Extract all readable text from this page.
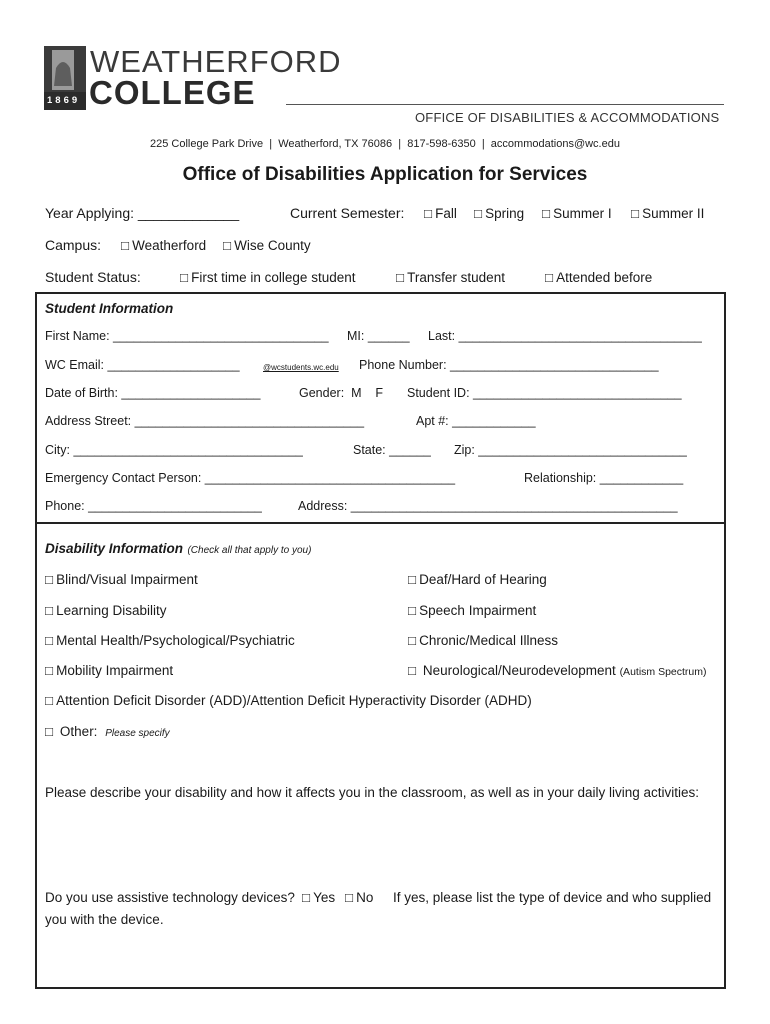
1869
WEATHERFORD
COLLEGE
OFFICE OF DISABILITIES & ACCOMMODATIONS
225 College Park Drive  |  Weatherford, TX 76086  |  817-598-6350  |  accommodations@wc.edu
Office of Disabilities Application for Services
Year Applying: _____________	Current Semester:	□ Fall	□ Spring	□ Summer I	□ Summer II
Campus:	□ Weatherford	□ Wise County
Student Status:	□ First time in college student	□ Transfer student	□ Attended before
Student Information
First Name: _______________________________ MI: ______ Last: ___________________________________
WC Email: ___________________	@wcstudents.wc.edu Phone Number: ______________________________
Date of Birth: ____________________	Gender:  M    F Student ID: ______________________________
Address Street: _________________________________	Apt #: ____________
City: _________________________________	State: ______ Zip: ______________________________
Emergency Contact Person: ____________________________________	Relationship: ____________
Phone: _________________________	Address: _______________________________________________
Disability Information (Check all that apply to you)
□ Blind/Visual Impairment
□ Learning Disability
□ Mental Health/Psychological/Psychiatric
□ Mobility Impairment
□ Deaf/Hard of Hearing
□ Speech Impairment
□ Chronic/Medical Illness
□ Neurological/Neurodevelopment (Autism Spectrum)
□ Attention Deficit Disorder (ADD)/Attention Deficit Hyperactivity Disorder (ADHD)
□ Other: Please specify
Please describe your disability and how it affects you in the classroom, as well as in your daily living activities:
Do you use assistive technology devices?	□ Yes	□ No If yes, please list the type of device and who supplied
you with the device.
